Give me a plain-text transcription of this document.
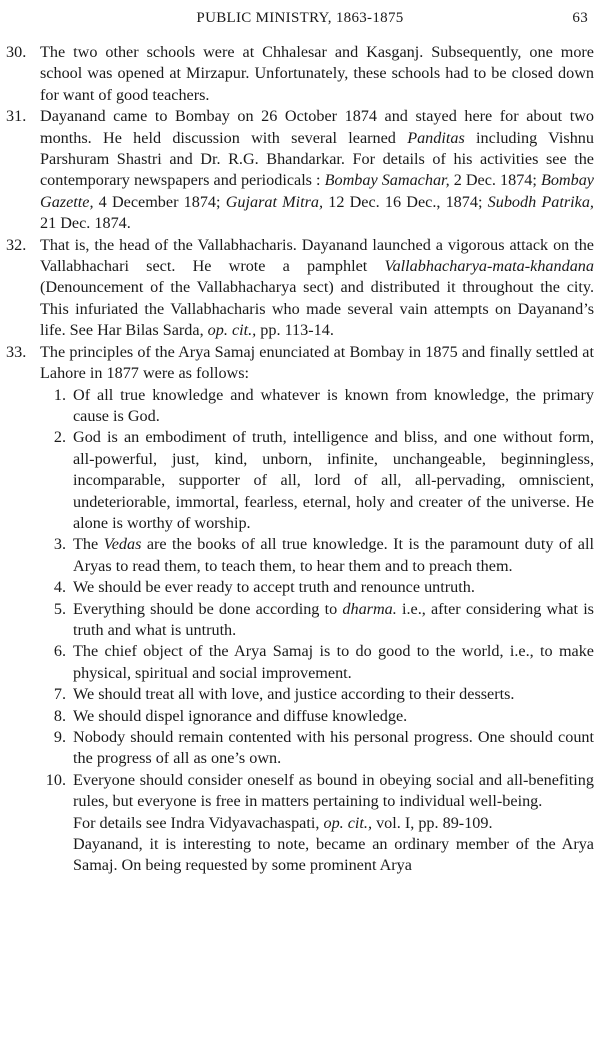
PUBLIC MINISTRY, 1863-1875	63
30. The two other schools were at Chhalesar and Kasganj. Subsequently, one more school was opened at Mirzapur. Unfortunately, these schools had to be closed down for want of good teachers.

31. Dayanand came to Bombay on 26 October 1874 and stayed here for about two months. He held discussion with several learned Panditas including Vishnu Parshuram Shastri and Dr. R.G. Bhandarkar. For details of his activities see the contemporary newspapers and periodicals : Bombay Samachar, 2 Dec. 1874; Bombay Gazette, 4 December 1874; Gujarat Mitra, 12 Dec. 16 Dec., 1874; Subodh Patrika, 21 Dec. 1874.

32. That is, the head of the Vallabhacharis. Dayanand launched a vigorous attack on the Vallabhachari sect. He wrote a pamphlet Vallabhacharya-mata-khandana (Denouncement of the Vallabhacharya sect) and distributed it throughout the city. This infuriated the Vallabhacharis who made several vain attempts on Dayanand’s life. See Har Bilas Sarda, op. cit., pp. 113-14.

33. The principles of the Arya Samaj enunciated at Bombay in 1875 and finally settled at Lahore in 1877 were as follows:

1. Of all true knowledge and whatever is known from knowledge, the primary cause is God.
2. God is an embodiment of truth, intelligence and bliss, and one without form, all-powerful, just, kind, unborn, infinite, unchangeable, beginningless, incomparable, supporter of all, lord of all, all-pervading, omniscient, undeteriorable, immortal, fearless, eternal, holy and creater of the universe. He alone is worthy of worship.
3. The Vedas are the books of all true knowledge. It is the paramount duty of all Aryas to read them, to teach them, to hear them and to preach them.
4. We should be ever ready to accept truth and renounce untruth.
5. Everything should be done according to dharma. i.e., after considering what is truth and what is untruth.
6. The chief object of the Arya Samaj is to do good to the world, i.e., to make physical, spiritual and social improvement.
7. We should treat all with love, and justice according to their desserts.
8. We should dispel ignorance and diffuse knowledge.
9. Nobody should remain contented with his personal progress. One should count the progress of all as one’s own.
10. Everyone should consider oneself as bound in obeying social and all-benefiting rules, but everyone is free in matters pertaining to individual well-being.

For details see Indra Vidyavachaspati, op. cit., vol. I, pp. 89-109.

Dayanand, it is interesting to note, became an ordinary member of the Arya Samaj. On being requested by some prominent Arya
